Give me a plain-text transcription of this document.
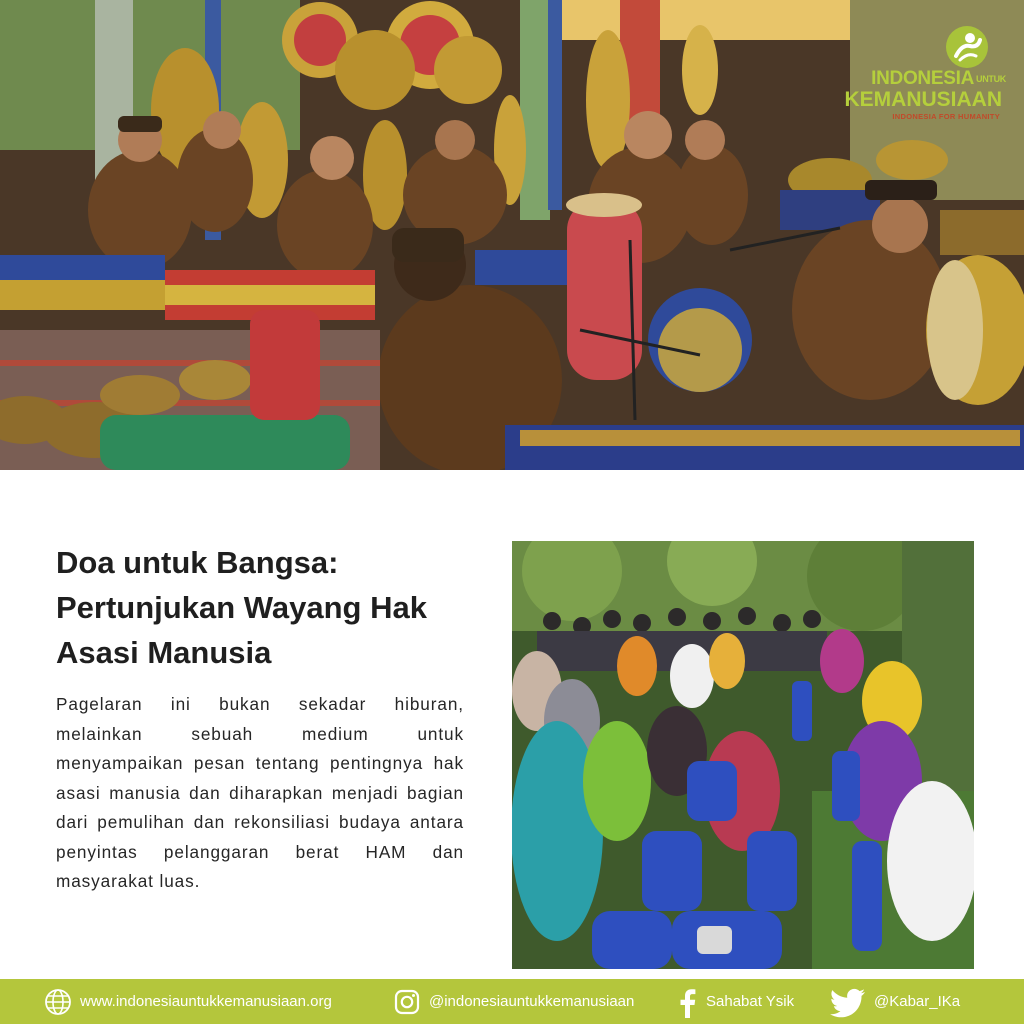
INDONESIA UNTUK
KEMANUSIAAN
INDONESIA FOR HUMANITY
Doa untuk Bangsa: Pertunjukan Wayang Hak Asasi Manusia

Pagelaran ini bukan sekadar hiburan, melainkan sebuah medium untuk menyampaikan pesan tentang pentingnya hak asasi manusia dan diharapkan menjadi bagian dari pemulihan dan rekonsiliasi budaya antara penyintas pelanggaran berat HAM dan masyarakat luas.

www.indonesiauntukkemanusiaan.org	@indonesiauntukkemanusiaan	Sahabat Ysik	@Kabar_IKa
